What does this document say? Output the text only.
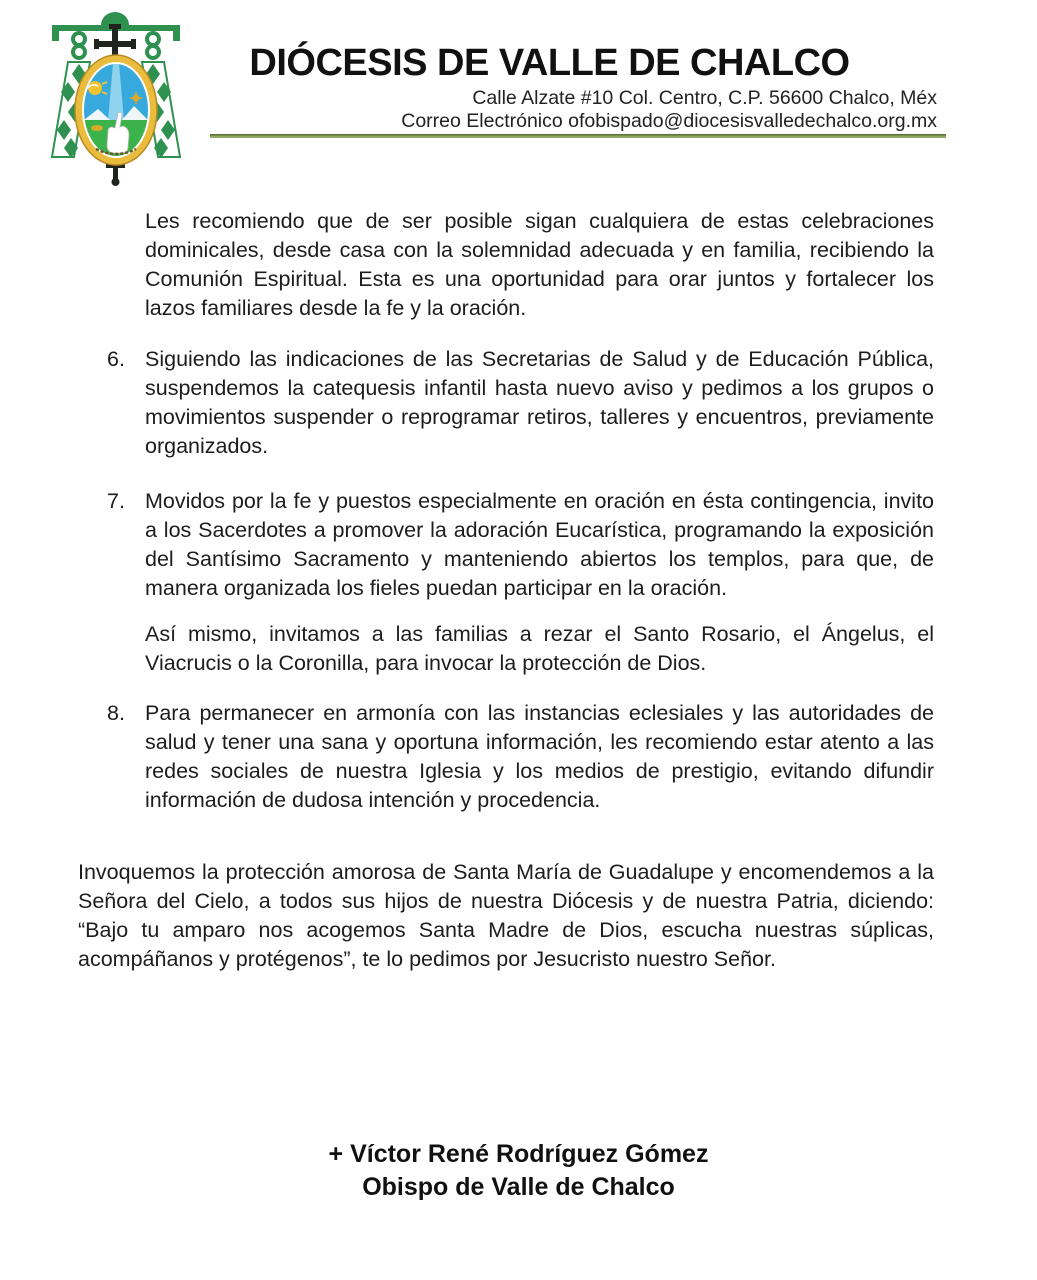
DIÓCESIS DE VALLE DE CHALCO
Calle Alzate #10 Col. Centro, C.P. 56600 Chalco, Méx
Correo Electrónico ofobispado@diocesisvalledechalco.org.mx

Les recomiendo que de ser posible sigan cualquiera de estas celebraciones dominicales, desde casa con la solemnidad adecuada y en familia, recibiendo la Comunión Espiritual. Esta es una oportunidad para orar juntos y fortalecer los lazos familiares desde la fe y la oración.

6. Siguiendo las indicaciones de las Secretarias de Salud y de Educación Pública, suspendemos la catequesis infantil hasta nuevo aviso y pedimos a los grupos o movimientos suspender o reprogramar retiros, talleres y encuentros, previamente organizados.
7. Movidos por la fe y puestos especialmente en oración en ésta contingencia, invito a los Sacerdotes a promover la adoración Eucarística, programando la exposición del Santísimo Sacramento y manteniendo abiertos los templos, para que, de manera organizada los fieles puedan participar en la oración.

Así mismo, invitamos a las familias a rezar el Santo Rosario, el Ángelus, el Viacrucis o la Coronilla, para invocar la protección de Dios.

8. Para permanecer en armonía con las instancias eclesiales y las autoridades de salud y tener una sana y oportuna información, les recomiendo estar atento a las redes sociales de nuestra Iglesia y los medios de prestigio, evitando difundir información de dudosa intención y procedencia.

Invoquemos la protección amorosa de Santa María de Guadalupe y encomendemos a la Señora del Cielo, a todos sus hijos de nuestra Diócesis y de nuestra Patria, diciendo: “Bajo tu amparo nos acogemos Santa Madre de Dios, escucha nuestras súplicas, acompáñanos y protégenos”, te lo pedimos por Jesucristo nuestro Señor.

+ Víctor René Rodríguez Gómez
Obispo de Valle de Chalco
